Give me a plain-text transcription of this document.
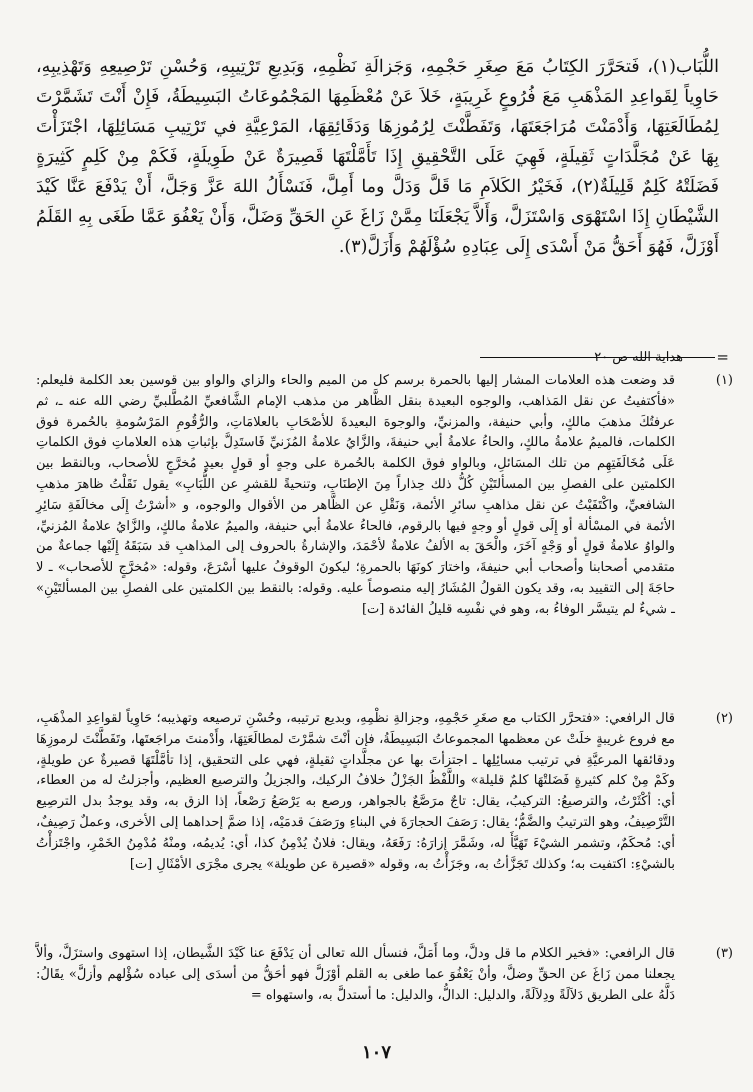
اللُّبَاب(١)، فَتحَرَّرَ الكِتَابُ مَعَ صِغَرِ حَجْمِهِ، وَجَزالَةِ نَظْمِهِ، وَبَدِيعِ تَرْتِيبِهِ، وَحُسْنِ تَرْصِيعِهِ وَتَهْذِيبِهِ، حَاوِياً لِقَواعِدِ المَذْهَبِ مَعَ فُرُوعٍ غَرِيبَةٍ، خَلاَ عَنْ مُعْظَمِهَا المَجْمُوعَاتُ البَسِيطَةُ، فَإِنْ أَنْتَ تَشَمَّرْتَ لِمُطَالَعَتِهَا، وَأَدْمَنْتَ مُرَاجَعَتَهَا، وَتَفَطَّنْتَ لِرُمُوزِهَا وَدَقَائِقِهَا، المَرْعِيَّةِ في تَرْتِيبِ مَسَائِلِهَا، اجْتَزَأْتَ بِهَا عَنْ مُجَلَّدَاتٍ ثَقِيلَةٍ، فَهِيَ عَلَى التَّحْقِيقِ إِذَا تَأَمَّلْتَهَا قَصِيرَةٌ عَنْ طَوِيلَةٍ، فَكَمْ مِنْ كَلِمٍ كَثِيرَةٍ فَضَلَتْهُ كَلِمٌ قَلِيلَةٌ(٢)، فَخَيْرُ الكَلاَمِ مَا قَلَّ وَدَلَّ وما أَمِلَّ، فَنَسْأَلُ اللهَ عَزَّ وَجَلَّ، أَنْ يَدْفَعَ عَنَّا كَيْدَ الشَّيْطَانِ إِذَا اسْتَهْوَى وَاسْتَزَلَّ، وَأَلاَّ يَجْعَلَنَا مِمَّنْ زَاغَ عَنِ الحَقِّ وَضَلَّ، وَأَنْ يَعْفُوَ عَمَّا طَغَى بِهِ القَلَمُ أَوْزَلَّ، فَهُوَ أَحَقُّ مَنْ أَسْدَى إِلَى عِبَادِهِ سُؤْلَهُمْ وَأَزَلَّ(٣).

=
هداية الله ص ٢٠
(١)
قد وضعت هذه العلامات المشار إليها بالحمرة برسم كل من الميم والحاء والزاي والواو بين قوسين بعد الكلمة فليعلم: «فأكتفيتُ عن نقل المَذاهب، والوجوه البعيدة بنقل الظَّاهر من مذهب الإمام الشَّافعيِّ المُطَّلبيِّ رضي الله عنه ـ، ثم عرفتُكَ مذهبَ مالكٍ، وأبي حنيفة، والمزنيِّ، والوجوهَ البعيدةَ للأصْحَابِ بالعلامَاتِ، والرُّقُومِ المَرْسُومةِ بالحُمرة فوق الكلمات، فالميمُ علامةُ مالكٍ، والحاءُ علامةُ أبي حنيفةَ، والزَّايُ علامةُ المُزَنيِّ فَاستَدِلَّ بإثباتِ هذه العلاماتِ فوق الكلماتِ عَلَى مُخَالَفَتِهِم من تلك المسَائلِ، وبالواو فوق الكلمة بالحُمرة على وجهٍ أو قولٍ بعيدٍ مُخرَّجٍ للأصحاب، وبالنقط بين الكلمتين على الفصلِ بين المسألتَيْنِ كُلُّ ذلك حِذاراً مِنَ الإطنَابِ، وتنحيةً للقشرِ عن اللُّبَابِ» يقول نَقَلْتُ ظاهرَ مذهبِ الشافعيِّ، واكْتَفَيْتُ عن نقل مذاهبِ سائرِ الأئمة، وَنَقْلِ عن الظَّاهر من الأقوال والوجوه، و «أشرْتُ إِلَى مخالَفَةِ سَائِرِ الأئمة في المسْألة أو إِلَى قولٍ أو وجهٍ فيها بالرقوم، فالحاءُ علامةُ أبي حنيفة، والميمُ علامةُ مالكٍ، والزَّايُ علامةُ المُزنيِّ، والواوُ علامةُ قولٍ أو وَجْهٍ آخَرَ، والْحَقَ به الألفُ علامةٌ لأحْمَدَ، والإشارةُ بالحروف إلى المذاهبِ قد سَبَقَهُ إِلَيْها جماعةٌ من متقدمي أصحابنا وأصحاب أبي حنيفةَ، واختارَ كونَهَا بالحمرةِ؛ ليكونَ الوقوفُ عليها أسْرَعَ، وقوله: «مُخرَّجٍ للأصحاب» ـ لا حاجَةَ إلى التقييد به، وقد يكون القولُ المُشَارُ إليه منصوصاً عليه. وقوله: بالنقط بين الكلمتين على الفصلِ بين المسألتَيْنِ» ـ شيءٌ لم يتيسَّر الوفاءُ به، وهو في نفْسِه قليلُ الفائدة [ت]
(٢)
قال الرافعي: «فتحرَّر الكتاب مع صغَرِ حَجْمِهِ، وجزالةِ نظْمِهِ، وبديع ترتيبه، وحُسْنِ ترصيعه وتهذيبه؛ حَاوِياً لقواعِدِ المذْهَبِ، مع فروع غريبةٍ خلَتْ عن معظمها المجموعاتُ البَسِيطَةُ، فإن أنْتَ شمَّرْتَ لمطالَعَتِهَا، وأَدْمنتَ مراجَعتَها، وتَفَطَّنْتَ لرموزِهَا ودقائقها المرعيَّةِ في ترتيب مسائِلِها ـ اجتزأتَ بها عن مجلَّداتٍ ثقيلةٍ، فهي على التحقيق، إذا تأمَّلْتَهَا قصيرةٌ عن طويلةٍ، وكَمْ مِنْ كلم كثيرةٍ فَضَلتْهَا كلمٌ قليلة» واللَّفْظُ الجَزْلُ خلافُ الركيك، والجزيلُ والترصيع العظيم، وأجزلتُ له من العطاء، أي: أكْثَرْتُ، والترصيعُ: التركيبُ، يقال: تاجٌ مرَصَّعٌ بالجواهر، ورصع به يَرْصَعُ رَصْعاً، إذا الزق به، وقد يوجدُ بدل الترصِيع التَّرْصِيفُ، وهو الترتيبُ والضَّمُّ؛ يقال: رَصَفَ الحجارَةَ في البناءِ ورَصَفَ قدمَيْه، إذا ضمَّ إحداهما إلى الأخرى، وعملٌ رَصِيفٌ، أي: مُحكَمٌ، وتشمر الشيْءَ تَهَيَّأَ له، وشَمَّرَ إزارَهُ: رَفَعَهُ، ويقال: فلانٌ يُدْمِنُ كذا، أي: يُديمُه، ومنْهُ مُدْمِنُ الخَمْرِ، واجْتَزأْتُ بالشيْءِ: اكتفيت به؛ وكذلك تَجَزَّأتُ به، وجَزَأْتُ به، وقوله «قصيرة عن طويلة» يجرى مجْرَى الأمْثَالِ [ت]
(٣)
قال الرافعي: «فخير الكلام ما قل ودلَّ، وما أَمَلَّ، فنسأل الله تعالى أن يَدْفَعَ عنا كَيْدَ الشَّيطان، إذا استهوى واستزَلَّ، وألاَّ يجعلنا ممن زَاغَ عن الحقِّ وضلَّ، وأنْ يَعْفُوَ عما طغى به القلم أوْزَلَّ فهو أحَقُّ من أسدَى إلى عباده سُؤْلهم وأزلَّ» يقَالُ: دَلَّهُ على الطريق دَلاَلَةً ودِلاَلَةً، والدليل: الدالُّ، والدليل: ما أستدلَّ به، واستهواه =
١٠٧
